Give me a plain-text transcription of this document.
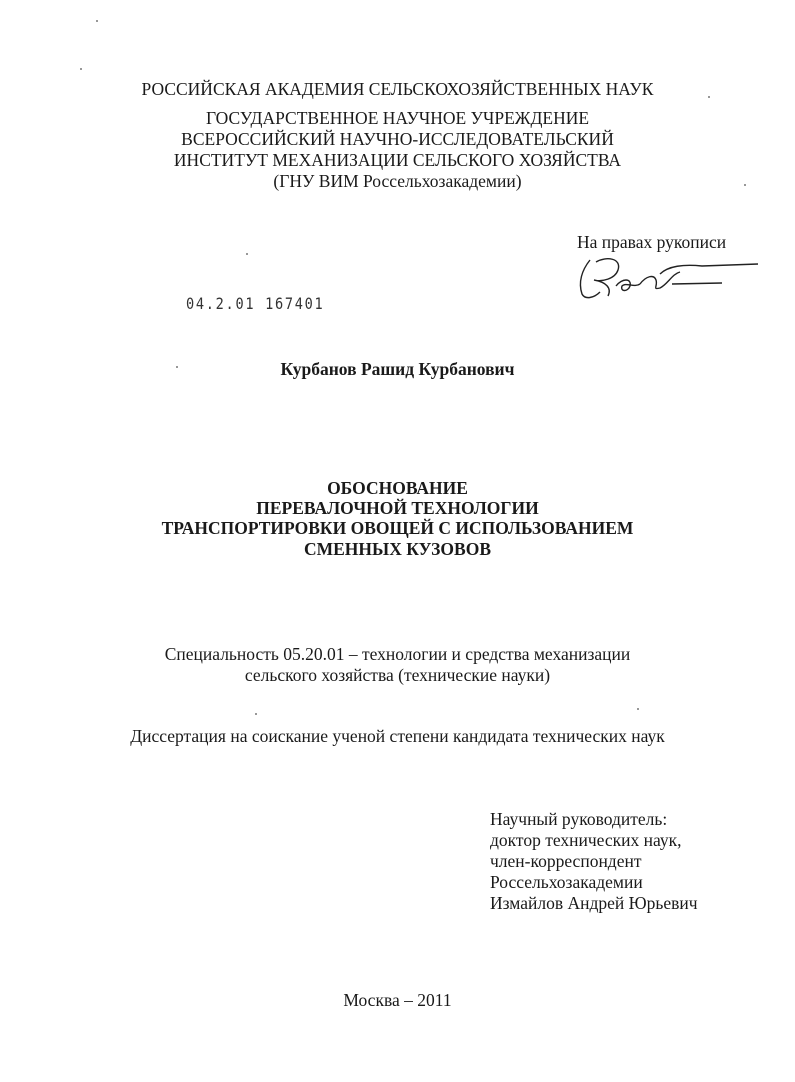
РОССИЙСКАЯ АКАДЕМИЯ СЕЛЬСКОХОЗЯЙСТВЕННЫХ НАУК
ГОСУДАРСТВЕННОЕ НАУЧНОЕ УЧРЕЖДЕНИЕ
ВСЕРОССИЙСКИЙ НАУЧНО-ИССЛЕДОВАТЕЛЬСКИЙ
ИНСТИТУТ МЕХАНИЗАЦИИ СЕЛЬСКОГО ХОЗЯЙСТВА
(ГНУ ВИМ Россельхозакадемии)
На правах рукописи
04.2.01 167401
Курбанов Рашид Курбанович
ОБОСНОВАНИЕ
ПЕРЕВАЛОЧНОЙ ТЕХНОЛОГИИ
ТРАНСПОРТИРОВКИ ОВОЩЕЙ С ИСПОЛЬЗОВАНИЕМ
СМЕННЫХ КУЗОВОВ
Специальность 05.20.01 – технологии и средства механизации
сельского хозяйства (технические науки)
Диссертация на соискание ученой степени кандидата технических наук
Научный руководитель:
доктор технических наук,
член-корреспондент
Россельхозакадемии
Измайлов Андрей Юрьевич
Москва – 2011
